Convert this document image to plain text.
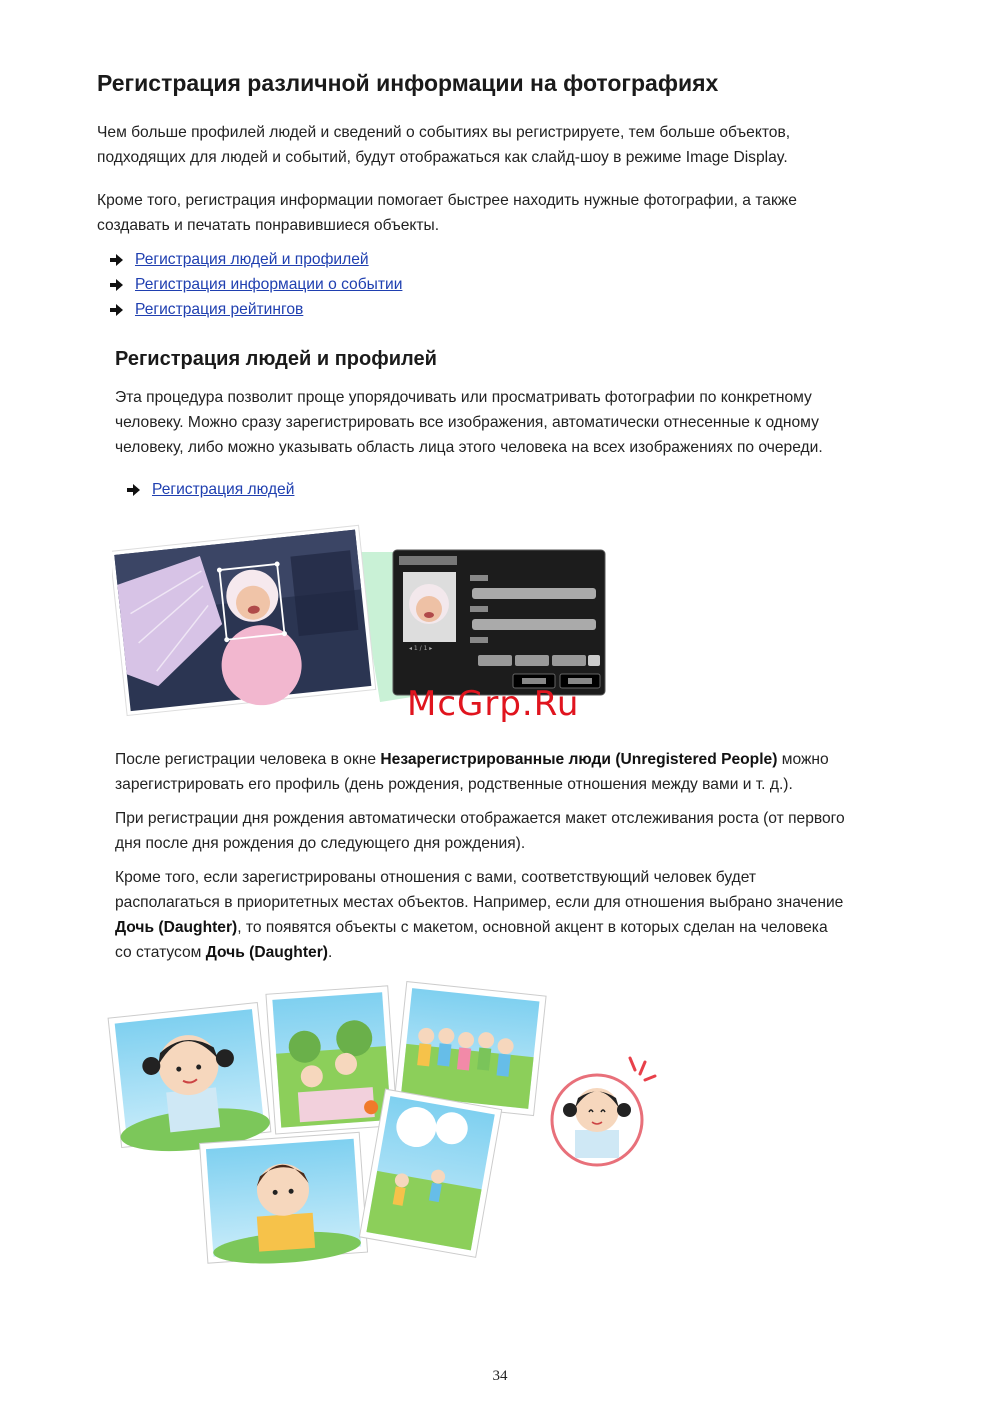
Регистрация различной информации на фотографиях

Чем больше профилей людей и сведений о событиях вы регистрируете, тем больше объектов,
подходящих для людей и событий, будут отображаться как слайд-шоу в режиме Image Display.

Кроме того, регистрация информации помогает быстрее находить нужные фотографии, а также
создавать и печатать понравившиеся объекты.

Регистрация людей и профилей
Регистрация информации о событии
Регистрация рейтингов
Регистрация людей и профилей

Эта процедура позволит проще упорядочивать или просматривать фотографии по конкретному
человеку. Можно сразу зарегистрировать все изображения, автоматически отнесенные к одному
человеку, либо можно указывать область лица этого человека на всех изображениях по очереди.

Регистрация людей
◂ 1 / 1 ▸
McGrp.Ru

После регистрации человека в окне Незарегистрированные люди (Unregistered People) можно
зарегистрировать его профиль (день рождения, родственные отношения между вами и т. д.).

При регистрации дня рождения автоматически отображается макет отслеживания роста (от первого
дня после дня рождения до следующего дня рождения).

Кроме того, если зарегистрированы отношения с вами, соответствующий человек будет
располагаться в приоритетных местах объектов. Например, если для отношения выбрано значение
Дочь (Daughter), то появятся объекты с макетом, основной акцент в которых сделан на человека
со статусом Дочь (Daughter).

34
